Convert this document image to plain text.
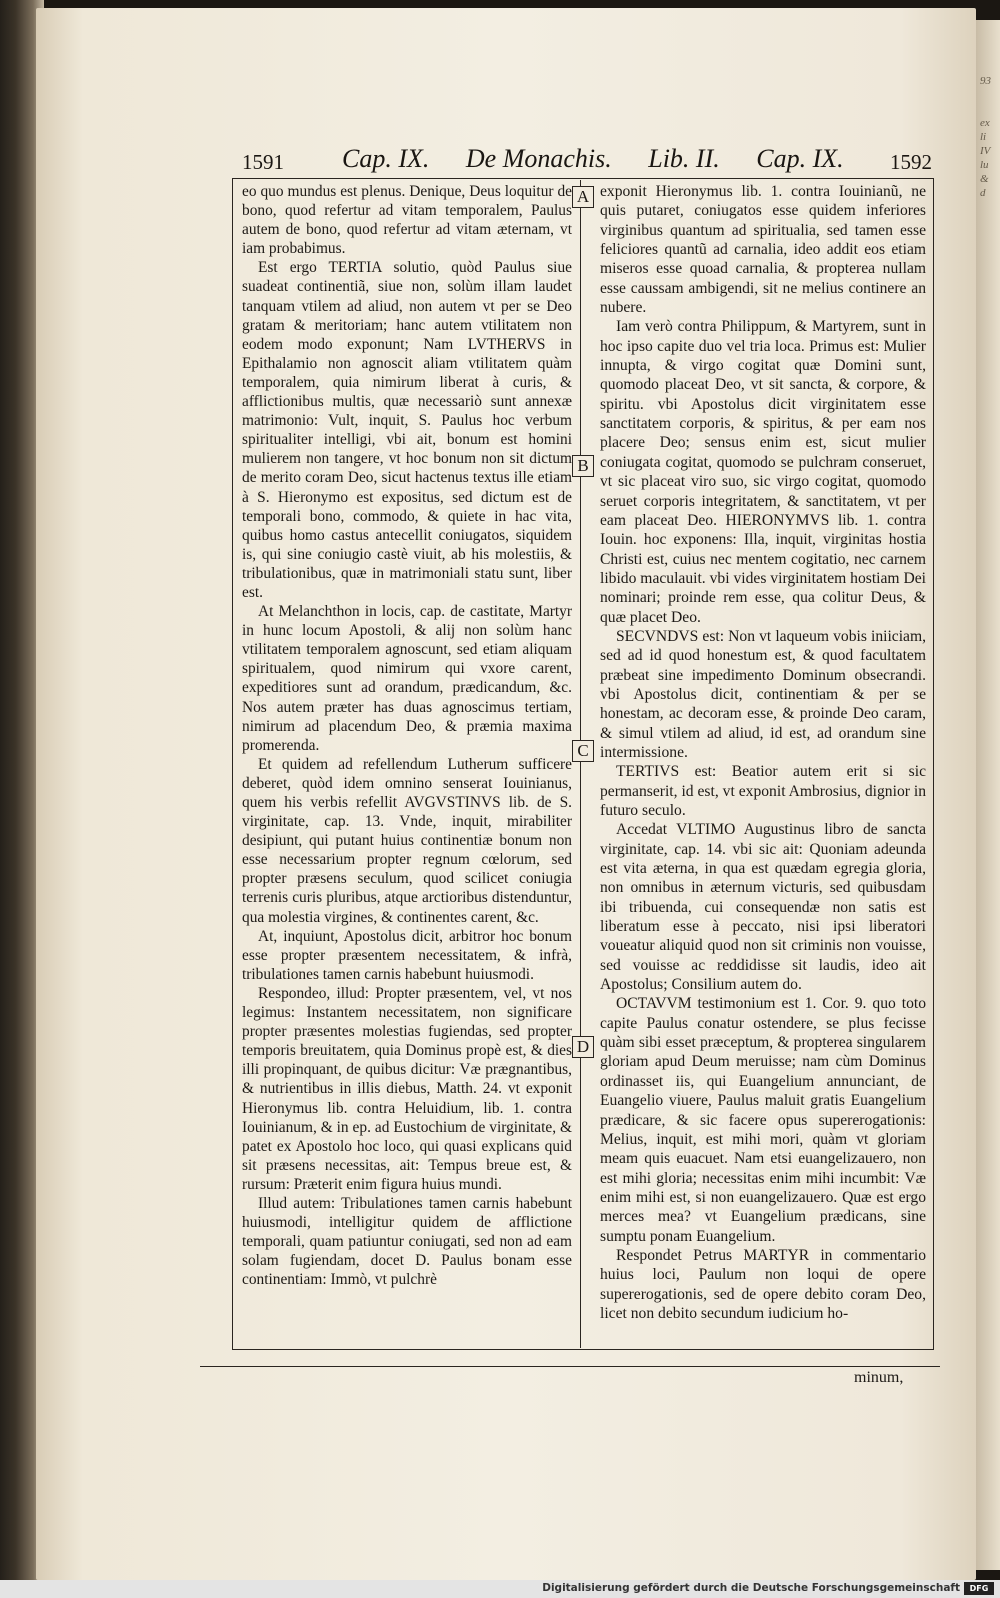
93

ex
li
IV
lu
&
d

1591 Cap. IX. De Monachis. Lib. II. Cap. IX.	1592
A
B
C
D

eo quo mundus est plenus. Denique, Deus loquitur de bono, quod refertur ad vitam temporalem, Paulus autem de bono, quod refertur ad vitam æternam, vt iam probabimus.

Est ergo TERTIA solutio, quòd Paulus siue suadeat continentiã, siue non, solùm illam laudet tanquam vtilem ad aliud, non autem vt per se Deo gratam & meritoriam; hanc autem vtilitatem non eodem modo exponunt; Nam LVTHERVS in Epithalamio non agnoscit aliam vtilitatem quàm temporalem, quia nimirum liberat à curis, & afflictionibus multis, quæ necessariò sunt annexæ matrimonio: Vult, inquit, S. Paulus hoc verbum spiritualiter intelligi, vbi ait, bonum est homini mulierem non tangere, vt hoc bonum non sit dictum de merito coram Deo, sicut hactenus textus ille etiam à S. Hieronymo est expositus, sed dictum est de temporali bono, commodo, & quiete in hac vita, quibus homo castus antecellit coniugatos, siquidem is, qui sine coniugio castè viuit, ab his molestiis, & tribulationibus, quæ in matrimoniali statu sunt, liber est.

At Melanchthon in locis, cap. de castitate, Martyr in hunc locum Apostoli, & alij non solùm hanc vtilitatem temporalem agnoscunt, sed etiam aliquam spiritualem, quod nimirum qui vxore carent, expeditiores sunt ad orandum, prædicandum, &c. Nos autem præter has duas agnoscimus tertiam, nimirum ad placendum Deo, & præmia maxima promerenda.

Et quidem ad refellendum Lutherum sufficere deberet, quòd idem omnino senserat Iouinianus, quem his verbis refellit AVGVSTINVS lib. de S. virginitate, cap. 13. Vnde, inquit, mirabiliter desipiunt, qui putant huius continentiæ bonum non esse necessarium propter regnum cœlorum, sed propter præsens seculum, quod scilicet coniugia terrenis curis pluribus, atque arctioribus distenduntur, qua molestia virgines, & continentes carent, &c.

At, inquiunt, Apostolus dicit, arbitror hoc bonum esse propter præsentem necessitatem, & infrà, tribulationes tamen carnis habebunt huiusmodi.

Respondeo, illud: Propter præsentem, vel, vt nos legimus: Instantem necessitatem, non significare propter præsentes molestias fugiendas, sed propter temporis breuitatem, quia Dominus propè est, & dies illi propinquant, de quibus dicitur: Væ prægnantibus, & nutrientibus in illis diebus, Matth. 24. vt exponit Hieronymus lib. contra Heluidium, lib. 1. contra Iouinianum, & in ep. ad Eustochium de virginitate, & patet ex Apostolo hoc loco, qui quasi explicans quid sit præsens necessitas, ait: Tempus breue est, & rursum: Præterit enim figura huius mundi.

Illud autem: Tribulationes tamen carnis habebunt huiusmodi, intelligitur quidem de afflictione temporali, quam patiuntur coniugati, sed non ad eam solam fugiendam, docet D. Paulus bonam esse continentiam: Immò, vt pulchrè

exponit Hieronymus lib. 1. contra Iouinianũ, ne quis putaret, coniugatos esse quidem inferiores virginibus quantum ad spiritualia, sed tamen esse feliciores quantũ ad carnalia, ideo addit eos etiam miseros esse quoad carnalia, & propterea nullam esse caussam ambigendi, sit ne melius continere an nubere.

Iam verò contra Philippum, & Martyrem, sunt in hoc ipso capite duo vel tria loca. Primus est: Mulier innupta, & virgo cogitat quæ Domini sunt, quomodo placeat Deo, vt sit sancta, & corpore, & spiritu. vbi Apostolus dicit virginitatem esse sanctitatem corporis, & spiritus, & per eam nos placere Deo; sensus enim est, sicut mulier coniugata cogitat, quomodo se pulchram conseruet, vt sic placeat viro suo, sic virgo cogitat, quomodo seruet corporis integritatem, & sanctitatem, vt per eam placeat Deo. HIERONYMVS lib. 1. contra Iouin. hoc exponens: Illa, inquit, virginitas hostia Christi est, cuius nec mentem cogitatio, nec carnem libido maculauit. vbi vides virginitatem hostiam Dei nominari; proinde rem esse, qua colitur Deus, & quæ placet Deo.

SECVNDVS est: Non vt laqueum vobis iniiciam, sed ad id quod honestum est, & quod facultatem præbeat sine impedimento Dominum obsecrandi. vbi Apostolus dicit, continentiam & per se honestam, ac decoram esse, & proinde Deo caram, & simul vtilem ad aliud, id est, ad orandum sine intermissione.

TERTIVS est: Beatior autem erit si sic permanserit, id est, vt exponit Ambrosius, dignior in futuro seculo.

Accedat VLTIMO Augustinus libro de sancta virginitate, cap. 14. vbi sic ait: Quoniam adeunda est vita æterna, in qua est quædam egregia gloria, non omnibus in æternum victuris, sed quibusdam ibi tribuenda, cui consequendæ non satis est liberatum esse à peccato, nisi ipsi liberatori voueatur aliquid quod non sit criminis non vouisse, sed vouisse ac reddidisse sit laudis, ideo ait Apostolus; Consilium autem do.

OCTAVVM testimonium est 1. Cor. 9. quo toto capite Paulus conatur ostendere, se plus fecisse quàm sibi esset præceptum, & propterea singularem gloriam apud Deum meruisse; nam cùm Dominus ordinasset iis, qui Euangelium annunciant, de Euangelio viuere, Paulus maluit gratis Euangelium prædicare, & sic facere opus supererogationis: Melius, inquit, est mihi mori, quàm vt gloriam meam quis euacuet. Nam etsi euangelizauero, non est mihi gloria; necessitas enim mihi incumbit: Væ enim mihi est, si non euangelizauero. Quæ est ergo merces mea? vt Euangelium prædicans, sine sumptu ponam Euangelium.

Respondet Petrus MARTYR in commentario huius loci, Paulum non loqui de opere supererogationis, sed de opere debito coram Deo, licet non debito secundum iudicium ho-

minum,
Digitalisierung gefördert durch die Deutsche Forschungsgemeinschaft	DFG
